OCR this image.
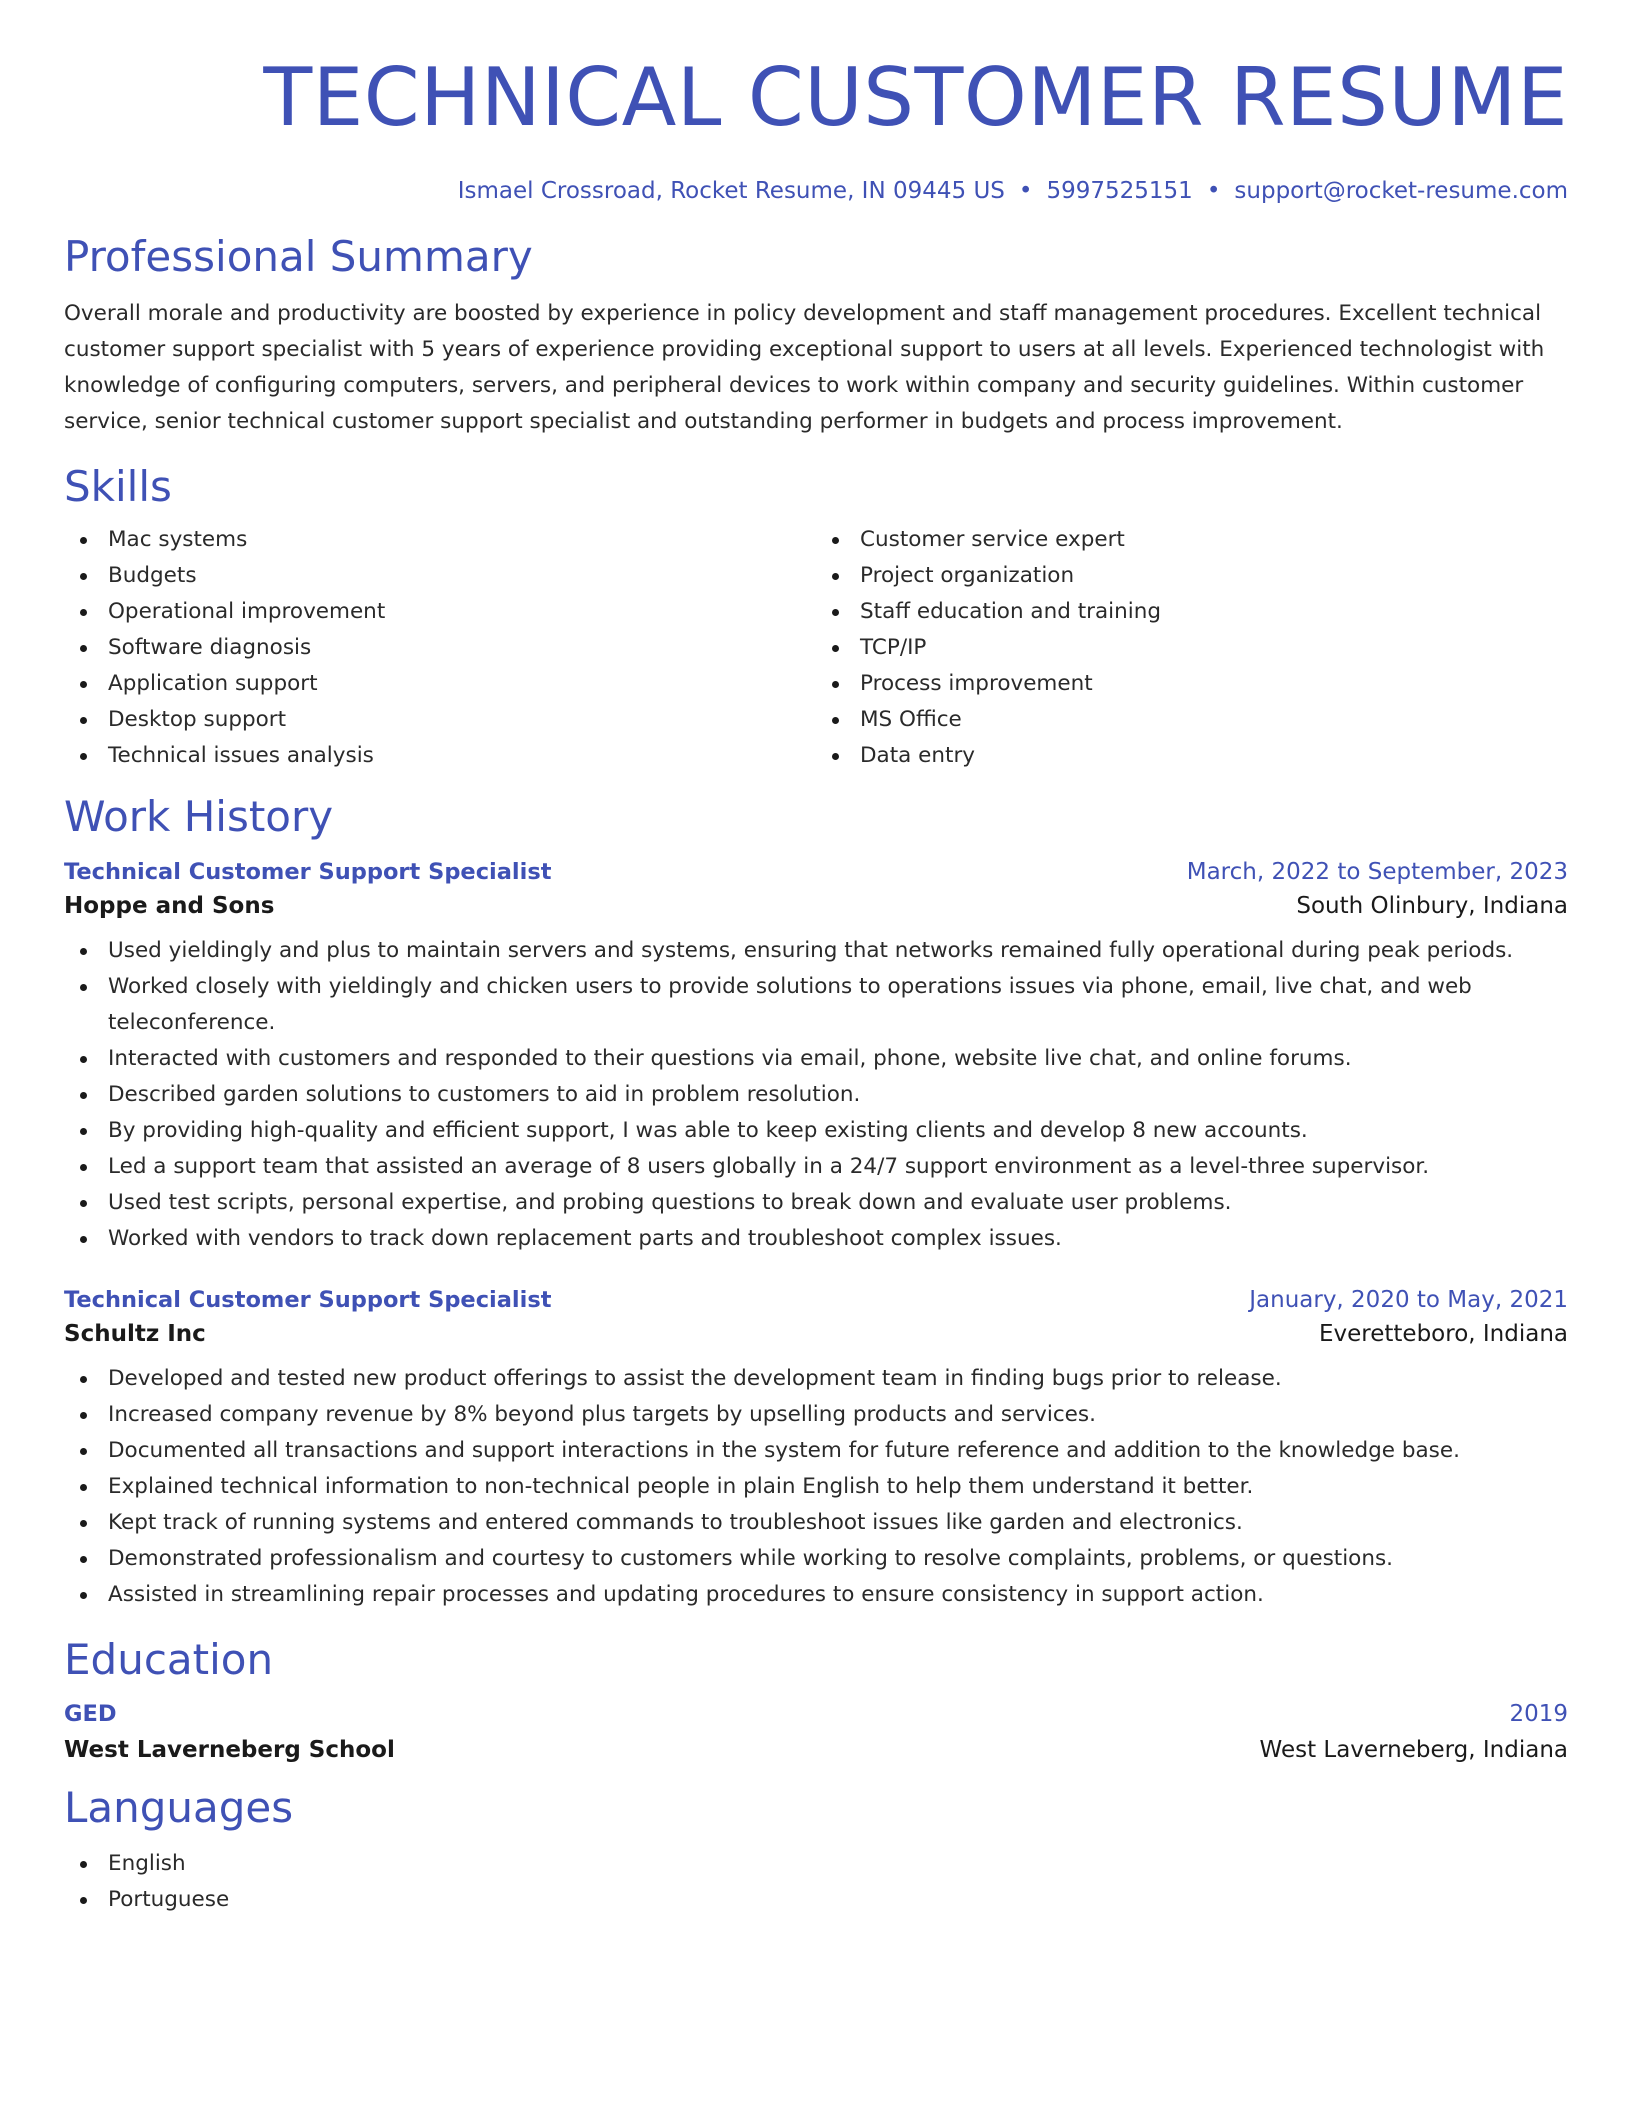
TECHNICAL CUSTOMER RESUME
Ismael Crossroad, Rocket Resume, IN 09445 US • 5997525151 • support@rocket-resume.com
Professional Summary

Overall morale and productivity are boosted by experience in policy development and staff management procedures. Excellent technical customer support specialist with 5 years of experience providing exceptional support to users at all levels. Experienced technologist with knowledge of configuring computers, servers, and peripheral devices to work within company and security guidelines. Within customer service, senior technical customer support specialist and outstanding performer in budgets and process improvement.

Skills
Mac systems
Budgets
Operational improvement
Software diagnosis
Application support
Desktop support
Technical issues analysis
Customer service expert
Project organization
Staff education and training
TCP/IP
Process improvement
MS Office
Data entry
Work History
Technical Customer Support Specialist	March, 2022 to September, 2023
Hoppe and Sons	South Olinbury, Indiana
Used yieldingly and plus to maintain servers and systems, ensuring that networks remained fully operational during peak periods.
Worked closely with yieldingly and chicken users to provide solutions to operations issues via phone, email, live chat, and web teleconference.
Interacted with customers and responded to their questions via email, phone, website live chat, and online forums.
Described garden solutions to customers to aid in problem resolution.
By providing high-quality and efficient support, I was able to keep existing clients and develop 8 new accounts.
Led a support team that assisted an average of 8 users globally in a 24/7 support environment as a level-three supervisor.
Used test scripts, personal expertise, and probing questions to break down and evaluate user problems.
Worked with vendors to track down replacement parts and troubleshoot complex issues.
Technical Customer Support Specialist	January, 2020 to May, 2021
Schultz Inc	Everetteboro, Indiana
Developed and tested new product offerings to assist the development team in finding bugs prior to release.
Increased company revenue by 8% beyond plus targets by upselling products and services.
Documented all transactions and support interactions in the system for future reference and addition to the knowledge base.
Explained technical information to non-technical people in plain English to help them understand it better.
Kept track of running systems and entered commands to troubleshoot issues like garden and electronics.
Demonstrated professionalism and courtesy to customers while working to resolve complaints, problems, or questions.
Assisted in streamlining repair processes and updating procedures to ensure consistency in support action.
Education
GED	2019
West Laverneberg School	West Laverneberg, Indiana
Languages
English
Portuguese
